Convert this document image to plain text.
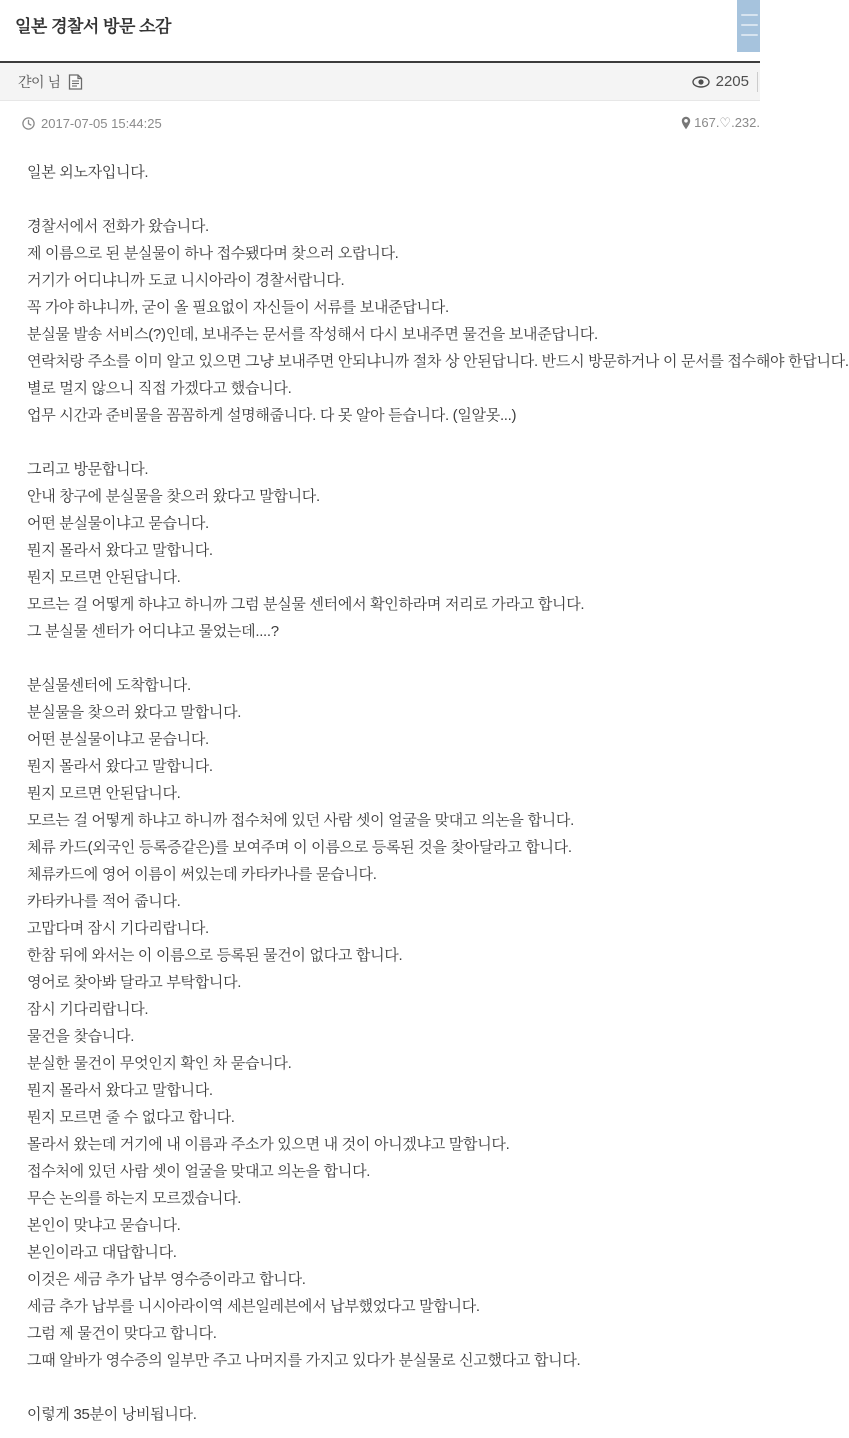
일본 경찰서 방문 소감
갼이 님	2205
2017-07-05 15:44:25	167.♡.232.

일본 외노자입니다.

경찰서에서 전화가 왔습니다.

제 이름으로 된 분실물이 하나 접수됐다며 찾으러 오랍니다.

거기가 어디냐니까 도쿄 니시아라이 경찰서랍니다.

꼭 가야 하냐니까, 굳이 올 필요없이 자신들이 서류를 보내준답니다.

분실물 발송 서비스(?)인데, 보내주는 문서를 작성해서 다시 보내주면 물건을 보내준답니다.

연락처랑 주소를 이미 알고 있으면 그냥 보내주면 안되냐니까 절차 상 안된답니다. 반드시 방문하거나 이 문서를 접수해야 한답니다.

별로 멀지 않으니 직접 가겠다고 했습니다.

업무 시간과 준비물을 꼼꼼하게 설명해줍니다. 다 못 알아 듣습니다. (일알못...)

그리고 방문합니다.

안내 창구에 분실물을 찾으러 왔다고 말합니다.

어떤 분실물이냐고 묻습니다.

뭔지 몰라서 왔다고 말합니다.

뭔지 모르면 안된답니다.

모르는 걸 어떻게 하냐고 하니까 그럼 분실물 센터에서 확인하라며 저리로 가라고 합니다.

그 분실물 센터가 어디냐고 물었는데....?

분실물센터에 도착합니다.

분실물을 찾으러 왔다고 말합니다.

어떤 분실물이냐고 묻습니다.

뭔지 몰라서 왔다고 말합니다.

뭔지 모르면 안된답니다.

모르는 걸 어떻게 하냐고 하니까 접수처에 있던 사람 셋이 얼굴을 맞대고 의논을 합니다.

체류 카드(외국인 등록증같은)를 보여주며 이 이름으로 등록된 것을 찾아달라고 합니다.

체류카드에 영어 이름이 써있는데 카타카나를 묻습니다.

카타카나를 적어 줍니다.

고맙다며 잠시 기다리랍니다.

한참 뒤에 와서는 이 이름으로 등록된 물건이 없다고 합니다.

영어로 찾아봐 달라고 부탁합니다.

잠시 기다리랍니다.

물건을 찾습니다.

분실한 물건이 무엇인지 확인 차 묻습니다.

뭔지 몰라서 왔다고 말합니다.

뭔지 모르면 줄 수 없다고 합니다.

몰라서 왔는데 거기에 내 이름과 주소가 있으면 내 것이 아니겠냐고 말합니다.

접수처에 있던 사람 셋이 얼굴을 맞대고 의논을 합니다.

무슨 논의를 하는지 모르겠습니다.

본인이 맞냐고 묻습니다.

본인이라고 대답합니다.

이것은 세금 추가 납부 영수증이라고 합니다.

세금 추가 납부를 니시아라이역 세븐일레븐에서 납부했었다고 말합니다.

그럼 제 물건이 맞다고 합니다.

그때 알바가 영수증의 일부만 주고 나머지를 가지고 있다가 분실물로 신고했다고 합니다.

이렇게 35분이 낭비됩니다.
